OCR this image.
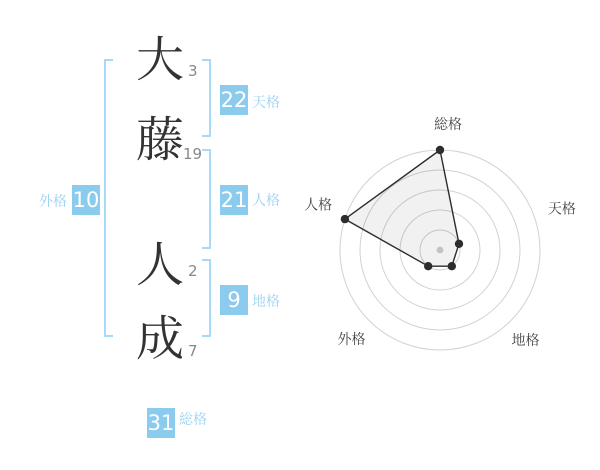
大
藤
人
成
3
19
2
7
22 天格
21 人格
9 地格
外格 10
31 総格
総格
天格
地格
外格
人格
